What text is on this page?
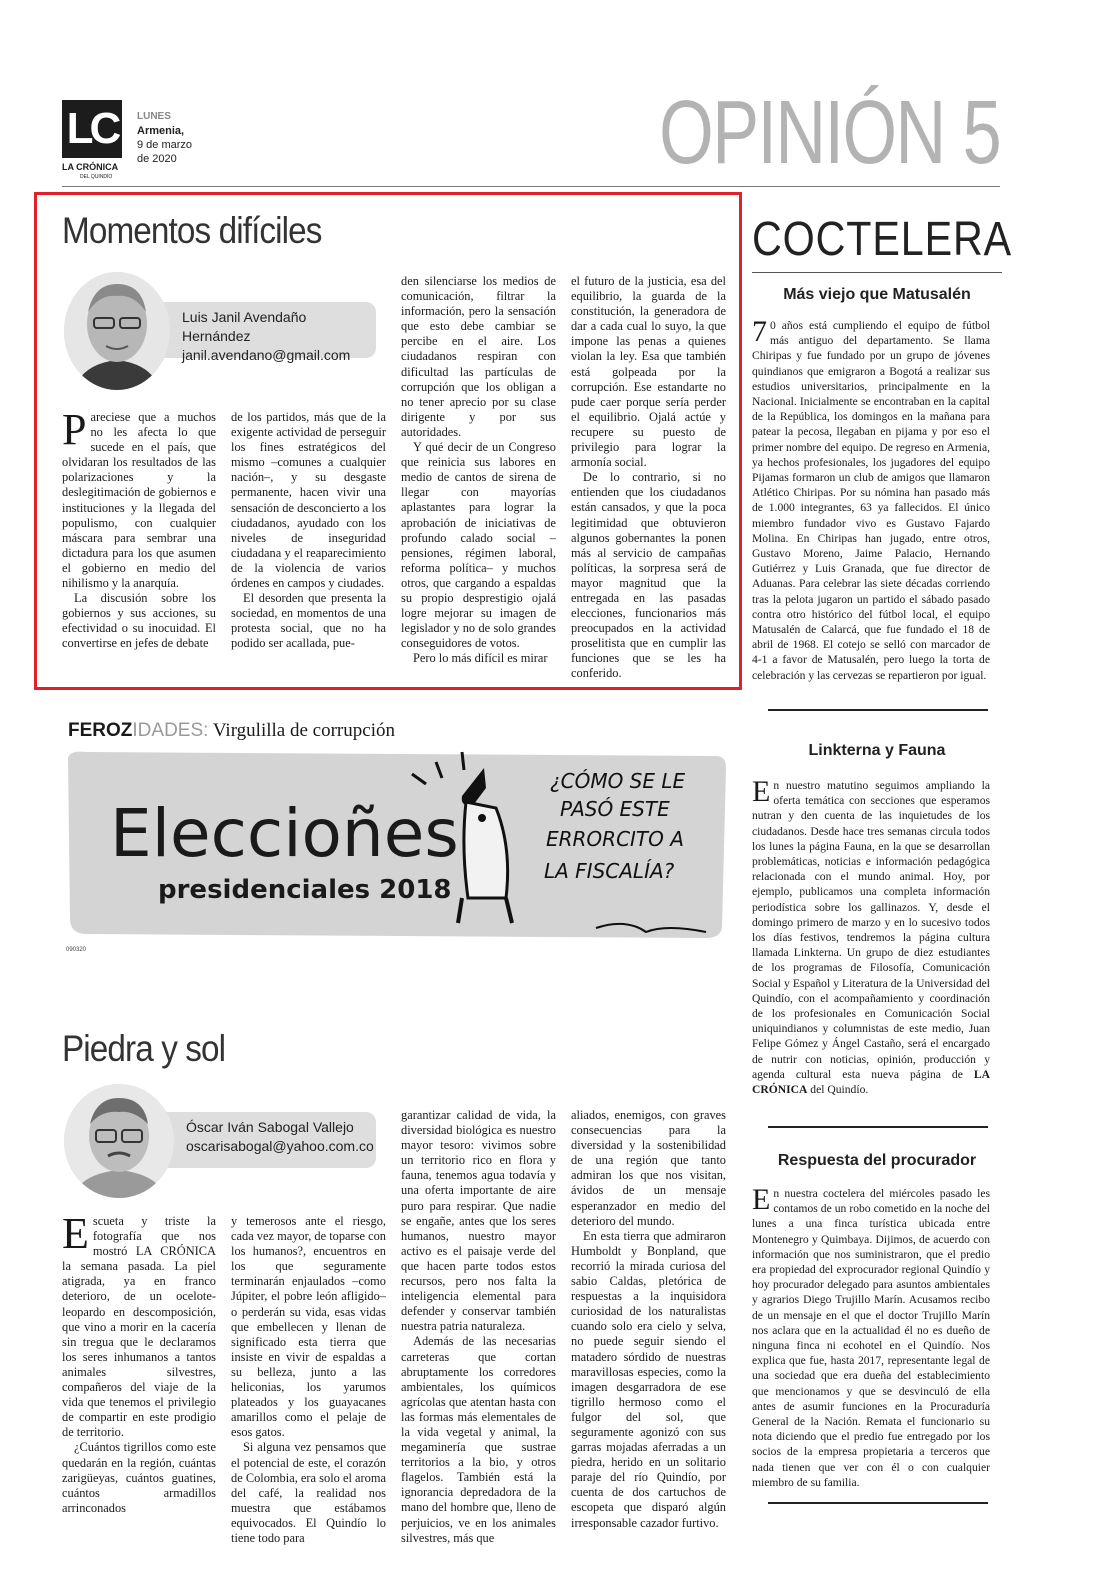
LC
LA CRÓNICA
DEL QUINDÍO
LUNES
Armenia,
9 de marzo
de 2020	OPINIÓN 5
Momentos difíciles
Luis Janil Avendaño Hernández
janil.avendano@gmail.com

Pareciese que a muchos no les afecta lo que sucede en el país, que olvidaran los resultados de las polarizaciones y la deslegitimación de gobiernos e instituciones y la llegada del populismo, con cualquier máscara para sembrar una dictadura para los que asumen el gobierno en medio del nihilismo y la anarquía.

La discusión sobre los gobiernos y sus acciones, su efectividad o su inocuidad. El convertirse en jefes de debate

de los partidos, más que de la exigente actividad de perseguir los fines estratégicos del mismo –comunes a cualquier nación–, y su desgaste permanente, hacen vivir una sensación de desconcierto a los ciudadanos, ayudado con los niveles de inseguridad ciudadana y el reaparecimiento de la violencia de varios órdenes en campos y ciudades.

El desorden que presenta la sociedad, en momentos de una protesta social, que no ha podido ser acallada, pue-

den silenciarse los medios de comunicación, filtrar la información, pero la sensación que esto debe cambiar se percibe en el aire. Los ciudadanos respiran con dificultad las partículas de corrupción que los obligan a no tener aprecio por su clase dirigente y por sus autoridades.

Y qué decir de un Congreso que reinicia sus labores en medio de cantos de sirena de llegar con mayorías aplastantes para lograr la aprobación de iniciativas de profundo calado social –pensiones, régimen laboral, reforma política– y muchos otros, que cargando a espaldas su propio desprestigio ojalá logre mejorar su imagen de legislador y no de solo grandes conseguidores de votos.

Pero lo más difícil es mirar

el futuro de la justicia, esa del equilibrio, la guarda de la constitución, la generadora de dar a cada cual lo suyo, la que impone las penas a quienes violan la ley. Esa que también está golpeada por la corrupción. Ese estandarte no pude caer porque sería perder el equilibrio. Ojalá actúe y recupere su puesto de privilegio para lograr la armonía social.

De lo contrario, si no entienden que los ciudadanos están cansados, y que la poca legitimidad que obtuvieron algunos gobernantes la ponen más al servicio de campañas políticas, la sorpresa será de mayor magnitud que la entregada en las pasadas elecciones, funcionarios más preocupados en la actividad proselitista que en cumplir las funciones que se les ha conferido.

FEROZIDADES: Virgulilla de corrupción
Eleccioñes
presidenciales 2018
¿CÓMO SE LE
PASÓ ESTE
ERRORCITO A
LA FISCALÍA?
090320
Piedra y sol
Óscar Iván Sabogal Vallejo
oscarisabogal@yahoo.com.co

Escueta y triste la fotografía que nos mostró LA CRÓNICA la semana pasada. La piel atigrada, ya en franco deterioro, de un ocelote-leopardo en descomposición, que vino a morir en la cacería sin tregua que le declaramos los seres inhumanos a tantos animales silvestres, compañeros del viaje de la vida que tenemos el privilegio de compartir en este prodigio de territorio.

¿Cuántos tigrillos como este quedarán en la región, cuántas zarigüeyas, cuántos guatines, cuántos armadillos arrinconados

y temerosos ante el riesgo, cada vez mayor, de toparse con los humanos?, encuentros en los que seguramente terminarán enjaulados –como Júpiter, el pobre león afligido– o perderán su vida, esas vidas que embellecen y llenan de significado esta tierra que insiste en vivir de espaldas a su belleza, junto a las heliconias, los yarumos plateados y los guayacanes amarillos como el pelaje de esos gatos.

Si alguna vez pensamos que el potencial de este, el corazón de Colombia, era solo el aroma del café, la realidad nos muestra que estábamos equivocados. El Quindío lo tiene todo para

garantizar calidad de vida, la diversidad biológica es nuestro mayor tesoro: vivimos sobre un territorio rico en flora y fauna, tenemos agua todavía y una oferta importante de aire puro para respirar. Que nadie se engañe, antes que los seres humanos, nuestro mayor activo es el paisaje verde del que hacen parte todos estos recursos, pero nos falta la inteligencia elemental para defender y conservar también nuestra patria naturaleza.

Además de las necesarias carreteras que cortan abruptamente los corredores ambientales, los químicos agrícolas que atentan hasta con las formas más elementales de la vida vegetal y animal, la megaminería que sustrae territorios a la bio, y otros flagelos. También está la ignorancia depredadora de la mano del hombre que, lleno de perjuicios, ve en los animales silvestres, más que

aliados, enemigos, con graves consecuencias para la diversidad y la sostenibilidad de una región que tanto admiran los que nos visitan, ávidos de un mensaje esperanzador en medio del deterioro del mundo.

En esta tierra que admiraron Humboldt y Bonpland, que recorrió la mirada curiosa del sabio Caldas, pletórica de respuestas a la inquisidora curiosidad de los naturalistas cuando solo era cielo y selva, no puede seguir siendo el matadero sórdido de nuestras maravillosas especies, como la imagen desgarradora de ese tigrillo hermoso como el fulgor del sol, que seguramente agonizó con sus garras mojadas aferradas a un piedra, herido en un solitario paraje del río Quindío, por cuenta de dos cartuchos de escopeta que disparó algún irresponsable cazador furtivo.

COCTELERA
Más viejo que Matusalén
7 0 años está cumpliendo el equipo de fútbol más antiguo del departamento. Se llama Chiripas y fue fundado por un grupo de jóvenes quindianos que emigraron a Bogotá a realizar sus estudios universitarios, principalmente en la Nacional. Inicialmente se encontraban en la capital de la República, los domingos en la mañana para patear la pecosa, llegaban en pijama y por eso el primer nombre del equipo. De regreso en Armenia, ya hechos profesionales, los jugadores del equipo Pijamas formaron un club de amigos que llamaron Atlético Chiripas. Por su nómina han pasado más de 1.000 integrantes, 63 ya fallecidos. El único miembro fundador vivo es Gustavo Fajardo Molina. En Chiripas han jugado, entre otros, Gustavo Moreno, Jaime Palacio, Hernando Gutiérrez y Luis Granada, que fue director de Aduanas. Para celebrar las siete décadas corriendo tras la pelota jugaron un partido el sábado pasado contra otro histórico del fútbol local, el equipo Matusalén de Calarcá, que fue fundado el 18 de abril de 1968. El cotejo se selló con marcador de 4-1 a favor de Matusalén, pero luego la torta de celebración y las cervezas se repartieron por igual.
Linkterna y Fauna
En nuestro matutino seguimos ampliando la oferta temática con secciones que esperamos nutran y den cuenta de las inquietudes de los ciudadanos. Desde hace tres semanas circula todos los lunes la página Fauna, en la que se desarrollan problemáticas, noticias e información pedagógica relacionada con el mundo animal. Hoy, por ejemplo, publicamos una completa información periodística sobre los gallinazos. Y, desde el domingo primero de marzo y en lo sucesivo todos los días festivos, tendremos la página cultura llamada Linkterna. Un grupo de diez estudiantes de los programas de Filosofía, Comunicación Social y Español y Literatura de la Universidad del Quindío, con el acompañamiento y coordinación de los profesionales en Comunicación Social uniquindianos y columnistas de este medio, Juan Felipe Gómez y Ángel Castaño, será el encargado de nutrir con noticias, opinión, producción y agenda cultural esta nueva página de LA CRÓNICA del Quindío.
Respuesta del procurador
En nuestra coctelera del miércoles pasado les contamos de un robo cometido en la noche del lunes a una finca turística ubicada entre Montenegro y Quimbaya. Dijimos, de acuerdo con información que nos suministraron, que el predio era propiedad del exprocurador regional Quindío y hoy procurador delegado para asuntos ambientales y agrarios Diego Trujillo Marín. Acusamos recibo de un mensaje en el que el doctor Trujillo Marín nos aclara que en la actualidad él no es dueño de ninguna finca ni ecohotel en el Quindío. Nos explica que fue, hasta 2017, representante legal de una sociedad que era dueña del establecimiento que mencionamos y que se desvinculó de ella antes de asumir funciones en la Procuraduría General de la Nación. Remata el funcionario su nota diciendo que el predio fue entregado por los socios de la empresa propietaria a terceros que nada tienen que ver con él o con cualquier miembro de su familia.
